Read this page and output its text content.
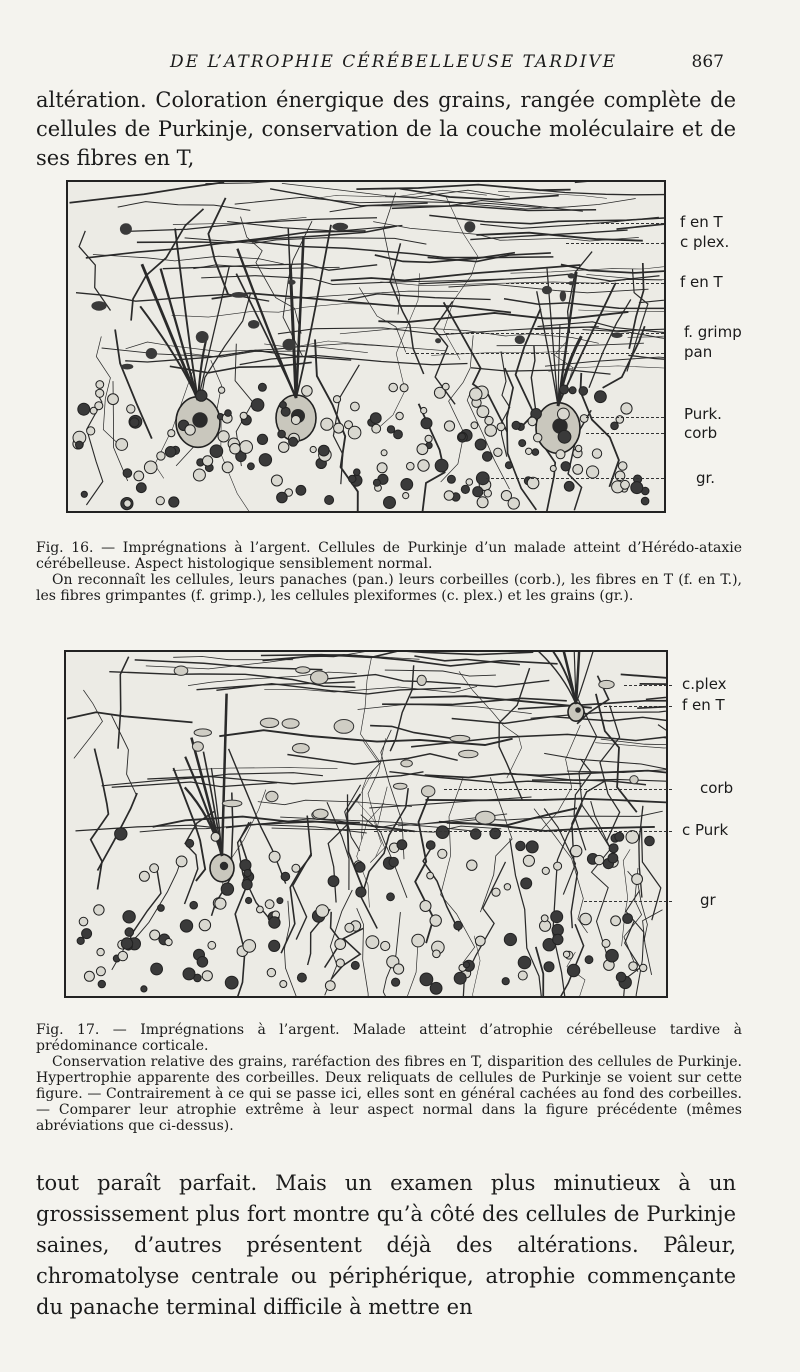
DE L’ATROPHIE CÉRÉBELLEUSE TARDIVE	867
altération. Coloration énergique des grains, rangée complète de cellules de Purkinje, conservation de la couche moléculaire et de ses fibres en T,
f en T
c plex.
f en T
f. grimp
pan
Purk.
corb
gr.

Fig. 16. — Imprégnations à l’argent. Cellules de Purkinje d’un malade atteint d’Hérédo-ataxie cérébelleuse. Aspect histologique sensiblement normal.

On reconnaît les cellules, leurs panaches (pan.) leurs corbeilles (corb.), les fibres en T (f. en T.), les fibres grimpantes (f. grimp.), les cellules plexiformes (c. plex.) et les grains (gr.).

c.plex
f en T
corb
c Purk
gr

Fig. 17. — Imprégnations à l’argent. Malade atteint d’atrophie cérébelleuse tardive à prédominance corticale.

Conservation relative des grains, raréfaction des fibres en T, disparition des cellules de Purkinje. Hypertrophie apparente des corbeilles. Deux reliquats de cellules de Purkinje se voient sur cette figure. — Contrairement à ce qui se passe ici, elles sont en général cachées au fond des corbeilles. — Comparer leur atrophie extrême à leur aspect normal dans la figure précédente (mêmes abréviations que ci-dessus).

tout paraît parfait. Mais un examen plus minutieux à un grossissement plus fort montre qu’à côté des cellules de Purkinje saines, d’autres présentent déjà des altérations. Pâleur, chromatolyse centrale ou périphérique, atrophie commençante du panache terminal difficile à mettre en
